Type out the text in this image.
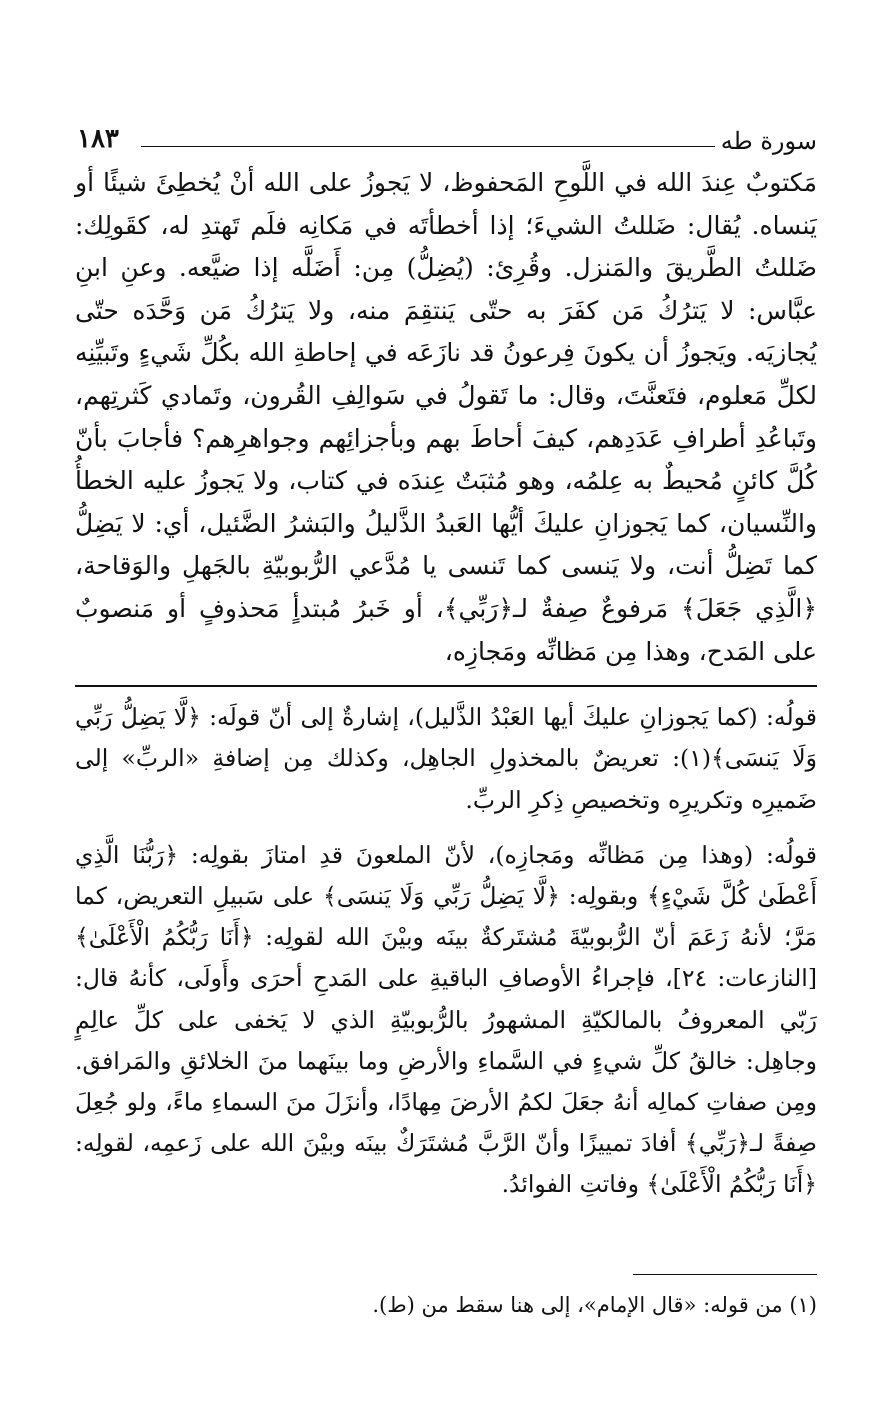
سورة طه
١٨٣

مَكتوبٌ عِندَ الله في اللَّوحِ المَحفوظ، لا يَجوزُ على الله أنْ يُخطِئَ شيئًا أو يَنساه. يُقال: ضَللتُ الشيءَ؛ إذا أخطأتَه في مَكانِه فلَم تَهتدِ له، كقَولِك: ضَللتُ الطَّريقَ والمَنزل. وقُرِئ: (يُضِلُّ) مِن: أَضَلَّه إذا ضيَّعه. وعنِ ابنِ عبَّاس: لا يَترُكُ مَن كفَرَ به حتّى يَنتقِمَ منه، ولا يَترُكُ مَن وَحَّدَه حتّى يُجازيَه. ويَجوزُ أن يكونَ فِرعونُ قد نازَعَه في إحاطةِ الله بكُلِّ شَيءٍ وتَبيِّنِه لكلِّ مَعلوم، فتَعنَّتَ، وقال: ما تَقولُ في سَوالِفِ القُرون، وتَمادي كَثرتِهم، وتَباعُدِ أطرافِ عَدَدِهم، كيفَ أحاطَ بهم وبأجزائِهم وجواهرِهم؟ فأجابَ بأنّ كُلَّ كائنٍ مُحيطٌ به عِلمُه، وهو مُثبَتٌ عِندَه في كتاب، ولا يَجوزُ عليه الخطأُ والنِّسيان، كما يَجوزانِ عليكَ أيُّها العَبدُ الذَّليلُ والبَشرُ الضَّئيل، أي: لا يَضِلُّ كما تَضِلُّ أنت، ولا يَنسى كما تَنسى يا مُدَّعي الرُّبوبيّةِ بالجَهلِ والوَقاحة، ﴿الَّذِي جَعَلَ﴾ مَرفوعٌ صِفةٌ لـ﴿رَبِّي﴾، أو خَبرُ مُبتدأٍ مَحذوفٍ أو مَنصوبٌ على المَدح، وهذا مِن مَظانِّه ومَجازِه،

قولُه: (كما يَجوزانِ عليكَ أيها العَبْدُ الذَّليل)، إشارةٌ إلى أنّ قولَه: ﴿لَّا يَضِلُّ رَبِّي وَلَا يَنسَى﴾(١): تعريضٌ بالمخذولِ الجاهِل، وكذلك مِن إضافةِ «الربِّ» إلى ضَميرِه وتكريرِه وتخصيصِ ذِكرِ الربِّ.

قولُه: (وهذا مِن مَظانِّه ومَجازِه)، لأنّ الملعونَ قدِ امتازَ بقولِه: ﴿رَبُّنَا الَّذِي أَعْطَىٰ كُلَّ شَيْءٍ﴾ وبقولِه: ﴿لَّا يَضِلُّ رَبِّي وَلَا يَنسَى﴾ على سَبيلِ التعريض، كما مَرَّ؛ لأنهُ زَعَمَ أنّ الرُّبوبيّةَ مُشتَركةٌ بينَه وبيْنَ الله لقولِه: ﴿أَنَا رَبُّكُمُ الْأَعْلَىٰ﴾ [النازعات: ٢٤]، فإجراءُ الأوصافِ الباقيةِ على المَدحِ أحرَى وأَولَى، كأنهُ قال: رَبّي المعروفُ بالمالكيّةِ المشهورُ بالرُّبوبيّةِ الذي لا يَخفى على كلِّ عالِمٍ وجاهِل: خالقُ كلِّ شيءٍ في السَّماءِ والأرضِ وما بينَهما منَ الخلائقِ والمَرافق. ومِن صفاتِ كمالِه أنهُ جعَلَ لكمُ الأرضَ مِهادًا، وأنزَلَ منَ السماءِ ماءً، ولو جُعِلَ صِفةً لـ﴿رَبِّي﴾ أفادَ تمييزًا وأنّ الرَّبَّ مُشتَرَكٌ بينَه وبيْنَ الله على زَعمِه، لقولِه: ﴿أَنَا رَبُّكُمُ الْأَعْلَىٰ﴾ وفاتتِ الفوائدُ.

(١) من قوله: «قال الإمام»، إلى هنا سقط من (ط).
